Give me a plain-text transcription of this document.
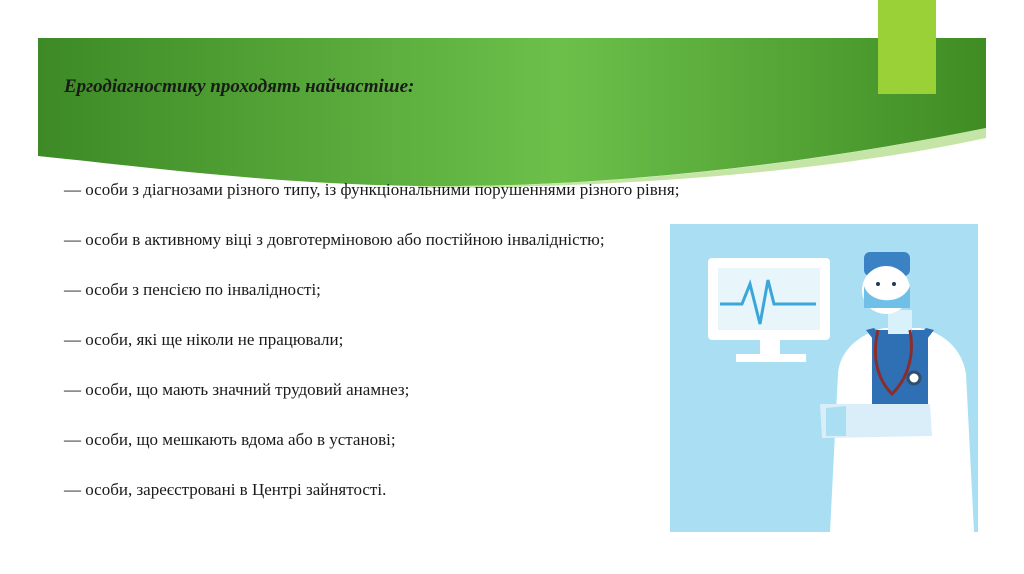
Ергодіагностику проходять найчастіше:
— особи з діагнозами різного типу, із функціональними порушеннями різного рівня;
— особи в активному віці з довготерміновою або постійною інвалідністю;
— особи з пенсією по інвалідності;
— особи, які ще ніколи не працювали;
— особи, що мають значний трудовий анамнез;
— особи, що мешкають вдома або в установі;
— особи, зареєстровані в Центрі зайнятості.
